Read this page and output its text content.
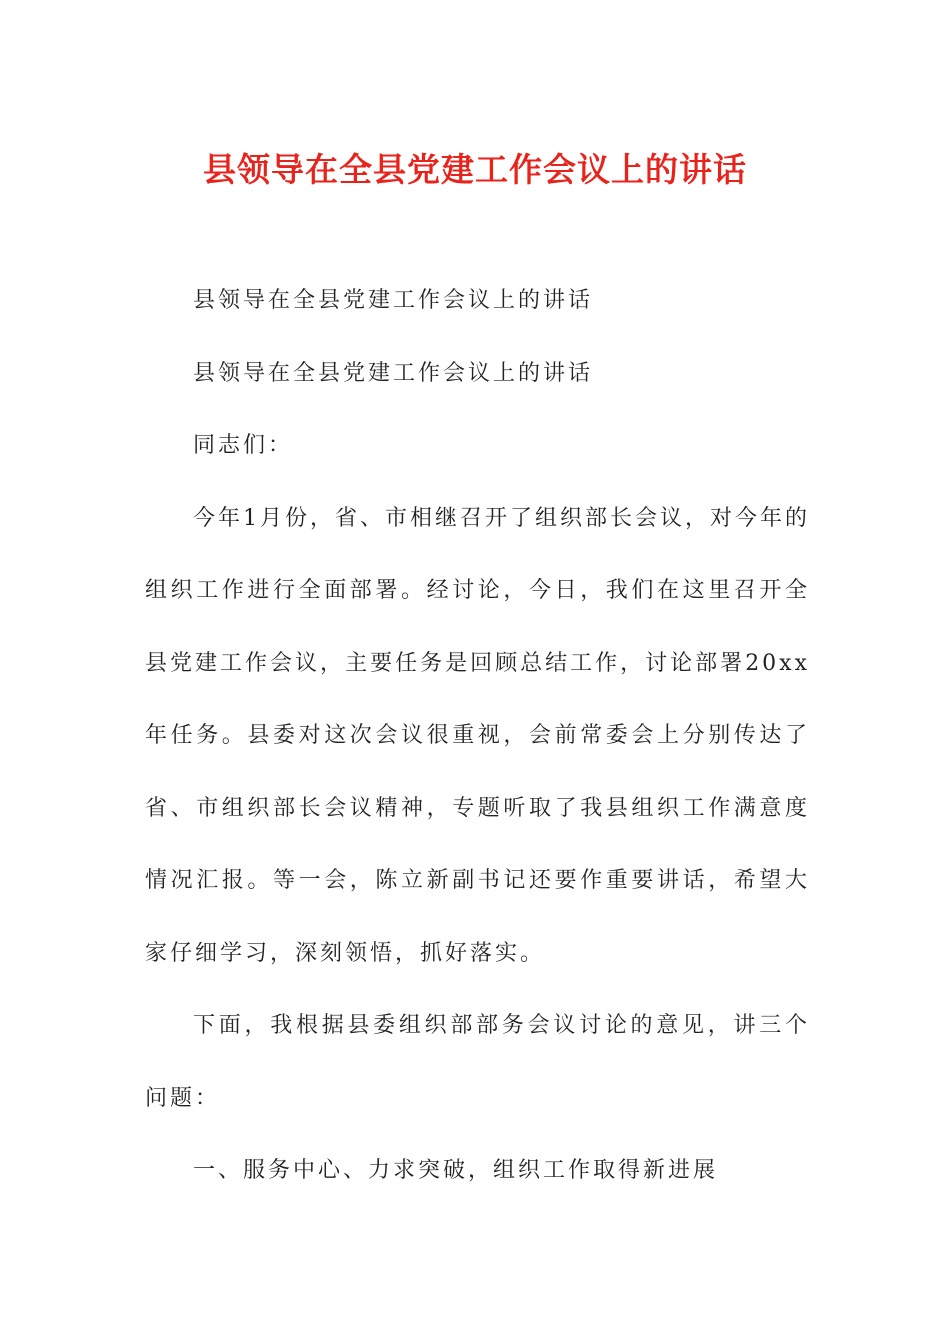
县领导在全县党建工作会议上的讲话

县领导在全县党建工作会议上的讲话

县领导在全县党建工作会议上的讲话

同志们：

今年1月份，省、市相继召开了组织部长会议，对今年的组织工作进行全面部署。经讨论，今日，我们在这里召开全县党建工作会议，主要任务是回顾总结工作，讨论部署20xx年任务。县委对这次会议很重视，会前常委会上分别传达了省、市组织部长会议精神，专题听取了我县组织工作满意度情况汇报。等一会，陈立新副书记还要作重要讲话，希望大家仔细学习，深刻领悟，抓好落实。

下面，我根据县委组织部部务会议讨论的意见，讲三个问题：

一、服务中心、力求突破，组织工作取得新进展
